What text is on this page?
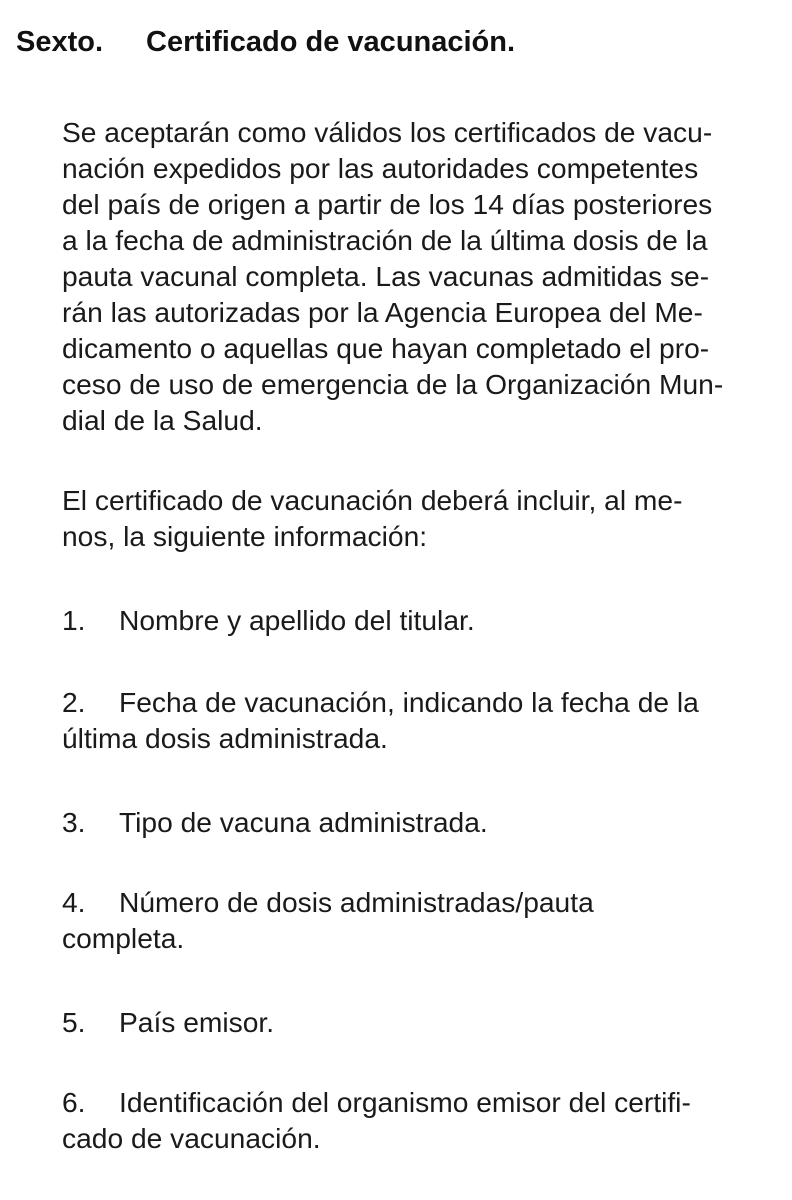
Sexto. Certificado de vacunación.
Se aceptarán como válidos los certificados de vacu-
nación expedidos por las autoridades competentes
del país de origen a partir de los 14 días posteriores
a la fecha de administración de la última dosis de la
pauta vacunal completa. Las vacunas admitidas se-
rán las autorizadas por la Agencia Europea del Me-
dicamento o aquellas que hayan completado el pro-
ceso de uso de emergencia de la Organización Mun-
dial de la Salud.
El certificado de vacunación deberá incluir, al me-
nos, la siguiente información:
1. Nombre y apellido del titular.
2. Fecha de vacunación, indicando la fecha de la
última dosis administrada.
3. Tipo de vacuna administrada.
4. Número de dosis administradas/pauta
completa.
5. País emisor.
6. Identificación del organismo emisor del certifi-
cado de vacunación.
